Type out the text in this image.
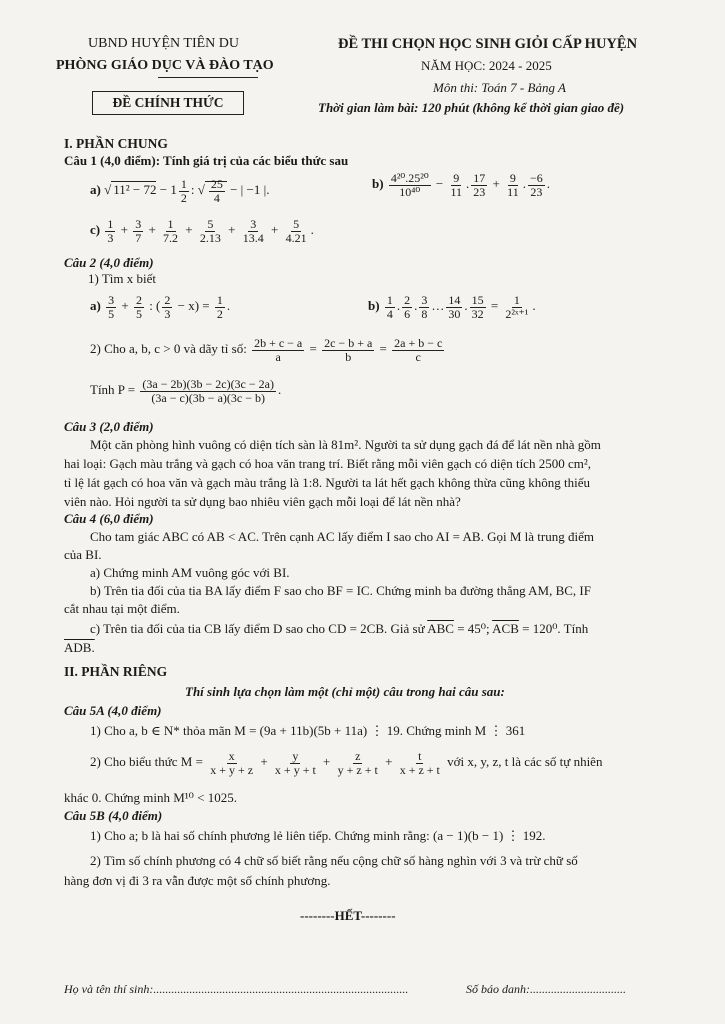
UBND HUYỆN TIÊN DU
PHÒNG GIÁO DỤC VÀ ĐÀO TẠO
ĐỀ CHÍNH THỨC
ĐỀ THI CHỌN HỌC SINH GIỎI CẤP HUYỆN
NĂM HỌC: 2024 - 2025
Môn thi: Toán 7 - Bảng A
Thời gian làm bài: 120 phút (không kể thời gian giao đề)
I. PHẦN CHUNG
Câu 1 (4,0 điểm): Tính giá trị của các biểu thức sau
a) √ $11^2 - 72 - 1 \frac{1}{2}$ : √ $\frac{25}{4}$ − | −1 |.	$b) \frac{\text{4²⁰.25²⁰}}{\text{10⁴⁰}} - \frac{9}{11}$ . $\frac{17}{23} + \frac{9}{11}$ . $\frac{-6}{23}$ .
$c) \frac{1}{3} + \frac{3}{7} + \frac{1}{7.2} + \frac{5}{2.13} + \frac{3}{13.4} + \frac{5}{4.21}$ .
Câu 2 (4,0 điểm)
1) Tìm x biết
$a) \frac{3}{5} + \frac{2}{5}$ : ( $\frac{2}{3} - x) = \frac{1}{2}$ .	$b) \frac{1}{4}$ . $\frac{2}{6}$ . $\frac{3}{8}$ … $\frac{14}{30}$ . $\frac{15}{32} = \frac{1}{\text{2²ˣ⁺¹}}$ .
2) Cho a, b, c > 0 và dãy tỉ số: $\frac{2b + c - a}{a} = \frac{2c - b + a}{b} = \frac{2a + b - c}{c}$
Tính $P = \frac{(3a - 2b)(3b - 2c)(3c - 2a)}{(3a - c)(3b - a)(3c - b)}$ .
Câu 3 (2,0 điểm)
Một căn phòng hình vuông có diện tích sàn là 81m². Người ta sử dụng gạch đá để lát nền nhà gồm
hai loại: Gạch màu trắng và gạch có hoa văn trang trí. Biết rằng mỗi viên gạch có diện tích 2500 cm²,
tỉ lệ lát gạch có hoa văn và gạch màu trắng là 1:8. Người ta lát hết gạch không thừa cũng không thiếu
viên nào. Hỏi người ta sử dụng bao nhiêu viên gạch mỗi loại để lát nền nhà?
Câu 4 (6,0 điểm)
Cho tam giác ABC có AB < AC. Trên cạnh AC lấy điểm I sao cho AI = AB. Gọi M là trung điểm
của BI.
a) Chứng minh AM vuông góc với BI.
b) Trên tia đối của tia BA lấy điểm F sao cho BF = IC. Chứng minh ba đường thẳng AM, BC, IF
cắt nhau tại một điểm.
c) Trên tia đối của tia CB lấy điểm D sao cho CD = 2CB. Giả sử $\overline{ABC} = 45^0$; $\overline{ACB} = 120^0$. Tính
ADB.
II. PHẦN RIÊNG
Thí sinh lựa chọn làm một (chỉ một) câu trong hai câu sau:
Câu 5A (4,0 điểm)
1) Cho a, b ∈ N* thỏa mãn M = (9a + 11b)(5b + 11a) ⋮ 19. Chứng minh M ⋮ 361
2) Cho biểu thức $M = \frac{x}{x + y + z} + \frac{y}{x + y + t} + \frac{z}{y + z + t} + \frac{t}{x + z + t}$ với x, y, z, t là các số tự nhiên
khác 0. Chứng minh M¹⁰ < 1025.
Câu 5B (4,0 điểm)
1) Cho a; b là hai số chính phương lẻ liên tiếp. Chứng minh rằng: (a − 1)(b − 1) ⋮ 192.
2) Tìm số chính phương có 4 chữ số biết rằng nếu cộng chữ số hàng nghìn với 3 và trừ chữ số
hàng đơn vị đi 3 ra vẫn được một số chính phương.
--------HẾT--------
Họ và tên thí sinh:.....................................................................................	Số báo danh:................................
